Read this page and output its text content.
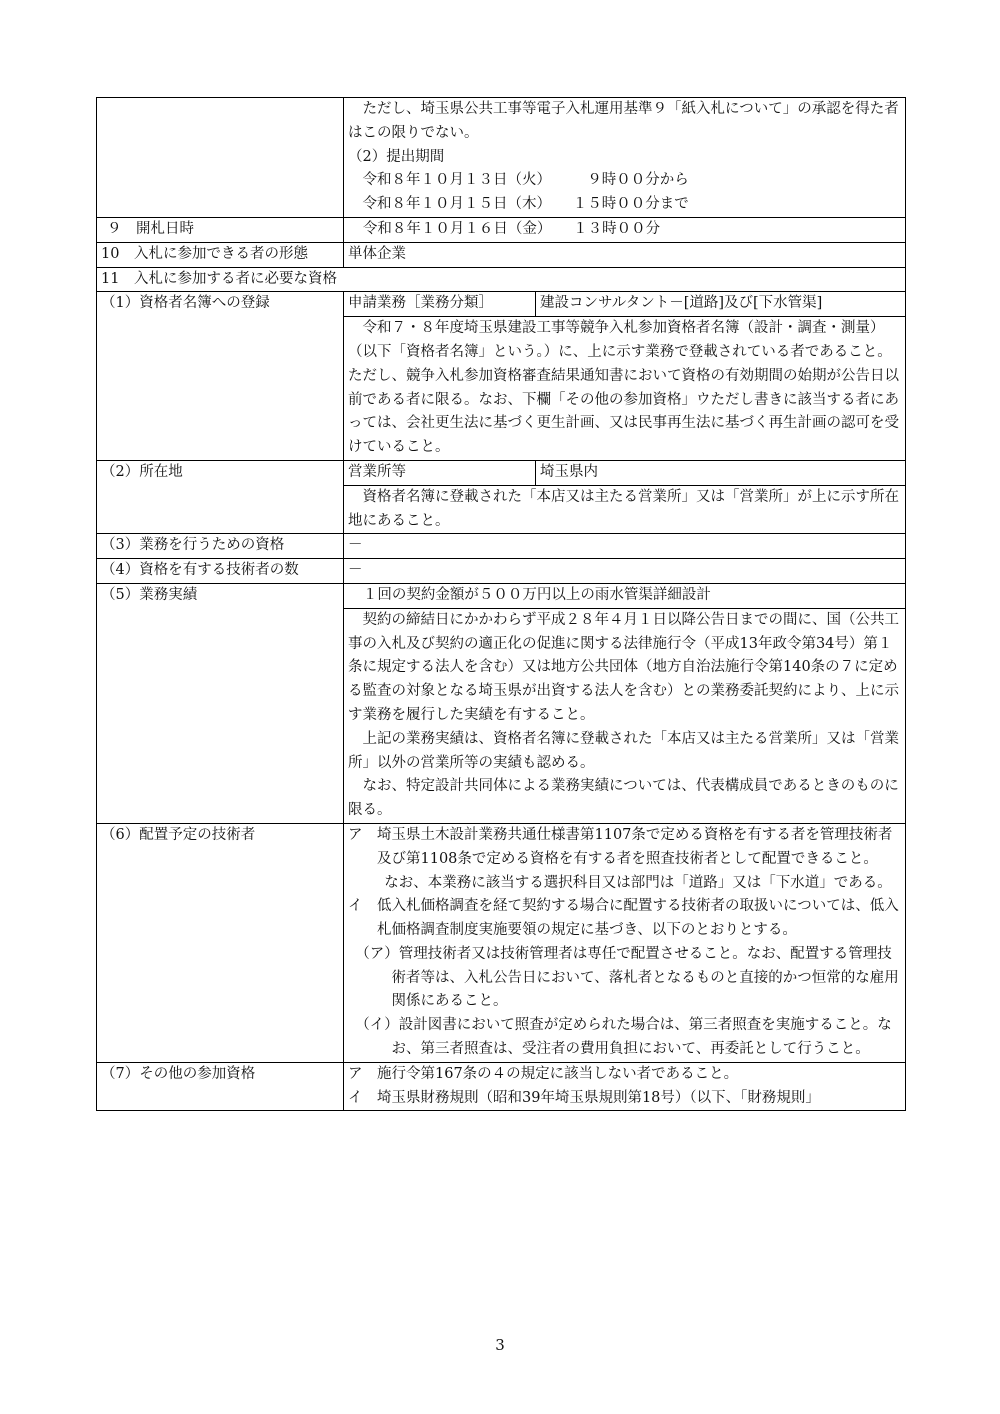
	ただし、埼玉県公共工事等電子入札運用基準９「紙入札について」の承認を得た者はこの限りでない。

（2）提出期間
令和８年１０月１３日（火）　　　９時００分から
令和８年１０月１５日（木）　　１５時００分まで	

９　開札日時	令和８年１０月１６日（金）　　１３時００分	
10　入札に参加できる者の形態	単体企業	
11　入札に参加する者に必要な資格		
（1）資格者名簿への登録	申請業務［業務分類］	建設コンサルタント－[道路]及び[下水管渠]

	令和７・８年度埼玉県建設工事等競争入札参加資格者名簿（設計・調査・測量）（以下「資格者名簿」という。）に、上に示す業務で登載されている者であること。ただし、競争入札参加資格審査結果通知書において資格の有効期間の始期が公告日以前である者に限る。なお、下欄「その他の参加資格」ウただし書きに該当する者にあっては、会社更生法に基づく更生計画、又は民事再生法に基づく再生計画の認可を受けていること。	

（2）所在地	営業所等	埼玉県内

	資格者名簿に登載された「本店又は主たる営業所」又は「営業所」が上に示す所在地にあること。	

（3）業務を行うための資格	－	
（4）資格を有する技術者の数	－	
（5）業務実績	１回の契約金額が５００万円以上の雨水管渠詳細設計	

	契約の締結日にかかわらず平成２８年４月１日以降公告日までの間に、国（公共工事の入札及び契約の適正化の促進に関する法律施行令（平成13年政令第34号）第１条に規定する法人を含む）又は地方公共団体（地方自治法施行令第140条の７に定める監査の対象となる埼玉県が出資する法人を含む）との業務委託契約により、上に示す業務を履行した実績を有すること。

上記の業務実績は、資格者名簿に登載された「本店又は主たる営業所」又は「営業所」以外の営業所等の実績も認める。

なお、特定設計共同体による業務実績については、代表構成員であるときのものに限る。	

（6）配置予定の技術者	ア　埼玉県土木設計業務共通仕様書第1107条で定める資格を有する者を管理技術者及び第1108条で定める資格を有する者を照査技術者として配置できること。

なお、本業務に該当する選択科目又は部門は「道路」又は「下水道」である。

イ　低入札価格調査を経て契約する場合に配置する技術者の取扱いについては、低入札価格調査制度実施要領の規定に基づき、以下のとおりとする。

（ア）管理技術者又は技術管理者は専任で配置させること。なお、配置する管理技術者等は、入札公告日において、落札者となるものと直接的かつ恒常的な雇用関係にあること。

（イ）設計図書において照査が定められた場合は、第三者照査を実施すること。なお、第三者照査は、受注者の費用負担において、再委託として行うこと。	

（7）その他の参加資格	ア　施行令第167条の４の規定に該当しない者であること。

イ　埼玉県財務規則（昭和39年埼玉県規則第18号）（以下、「財務規則」	

3
